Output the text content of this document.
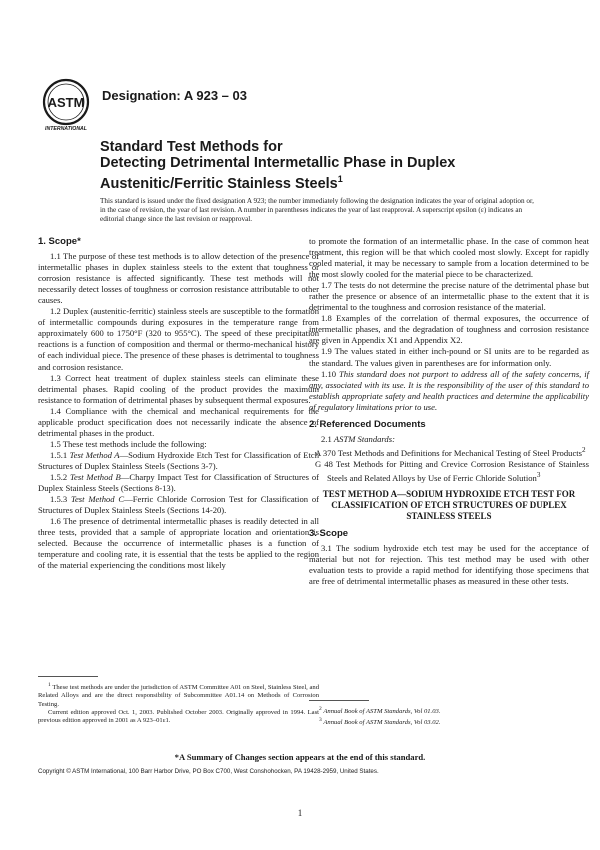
ASTM
INTERNATIONAL
Designation: A 923 – 03
Standard Test Methods for
Detecting Detrimental Intermetallic Phase in Duplex
Austenitic/Ferritic Stainless Steels$^1$
This standard is issued under the fixed designation A 923; the number immediately following the designation indicates the year of original adoption or, in the case of revision, the year of last revision. A number in parentheses indicates the year of last reapproval. A superscript epsilon (ε) indicates an editorial change since the last revision or reapproval.
1. Scope*

1.1 The purpose of these test methods is to allow detection of the presence of intermetallic phases in duplex stainless steels to the extent that toughness or corrosion resistance is affected significantly. These test methods will not necessarily detect losses of toughness or corrosion resistance attributable to other causes.

1.2 Duplex (austenitic-ferritic) stainless steels are susceptible to the formation of intermetallic compounds during exposures in the temperature range from approximately 600 to 1750°F (320 to 955°C). The speed of these precipitation reactions is a function of composition and thermal or thermo-mechanical history of each individual piece. The presence of these phases is detrimental to toughness and corrosion resistance.

1.3 Correct heat treatment of duplex stainless steels can eliminate these detrimental phases. Rapid cooling of the product provides the maximum resistance to formation of detrimental phases by subsequent thermal exposures.

1.4 Compliance with the chemical and mechanical requirements for the applicable product specification does not necessarily indicate the absence of detrimental phases in the product.

1.5 These test methods include the following:

1.5.1 Test Method A—Sodium Hydroxide Etch Test for Classification of Etch Structures of Duplex Stainless Steels (Sections 3-7).

1.5.2 Test Method B—Charpy Impact Test for Classification of Structures of Duplex Stainless Steels (Sections 8-13).

1.5.3 Test Method C—Ferric Chloride Corrosion Test for Classification of Structures of Duplex Stainless Steels (Sections 14-20).

1.6 The presence of detrimental intermetallic phases is readily detected in all three tests, provided that a sample of appropriate location and orientation is selected. Because the occurrence of intermetallic phases is a function of temperature and cooling rate, it is essential that the tests be applied to the region of the material experiencing the conditions most likely

to promote the formation of an intermetallic phase. In the case of common heat treatment, this region will be that which cooled most slowly. Except for rapidly cooled material, it may be necessary to sample from a location determined to be the most slowly cooled for the material piece to be characterized.

1.7 The tests do not determine the precise nature of the detrimental phase but rather the presence or absence of an intermetallic phase to the extent that it is detrimental to the toughness and corrosion resistance of the material.

1.8 Examples of the correlation of thermal exposures, the occurrence of intermetallic phases, and the degradation of toughness and corrosion resistance are given in Appendix X1 and Appendix X2.

1.9 The values stated in either inch-pound or SI units are to be regarded as the standard. The values given in parentheses are for information only.

1.10 This standard does not purport to address all of the safety concerns, if any, associated with its use. It is the responsibility of the user of this standard to establish appropriate safety and health practices and determine the applicability of regulatory limitations prior to use.

2. Referenced Documents

2.1 ASTM Standards:

A 370 Test Methods and Definitions for Mechanical Testing of Steel Products$^2$

G 48 Test Methods for Pitting and Crevice Corrosion Resistance of Stainless Steels and Related Alloys by Use of Ferric Chloride Solution$^3$

TEST METHOD A—SODIUM HYDROXIDE ETCH TEST FOR CLASSIFICATION OF ETCH STRUCTURES OF DUPLEX STAINLESS STEELS
3. Scope

3.1 The sodium hydroxide etch test may be used for the acceptance of material but not for rejection. This test method may be used with other evaluation tests to provide a rapid method for identifying those specimens that are free of detrimental intermetallic phases as measured in these other tests.

$^1$ These test methods are under the jurisdiction of ASTM Committee A01 on Steel, Stainless Steel, and Related Alloys and are the direct responsibility of Subcommittee A01.14 on Methods of Corrosion Testing.

Current edition approved Oct. 1, 2003. Published October 2003. Originally approved in 1994. Last previous edition approved in 2001 as A 923–01ε1.

$^2$ Annual Book of ASTM Standards, Vol 01.03.

$^3$ Annual Book of ASTM Standards, Vol 03.02.

*A Summary of Changes section appears at the end of this standard.
Copyright © ASTM International, 100 Barr Harbor Drive, PO Box C700, West Conshohocken, PA 19428-2959, United States.
1
